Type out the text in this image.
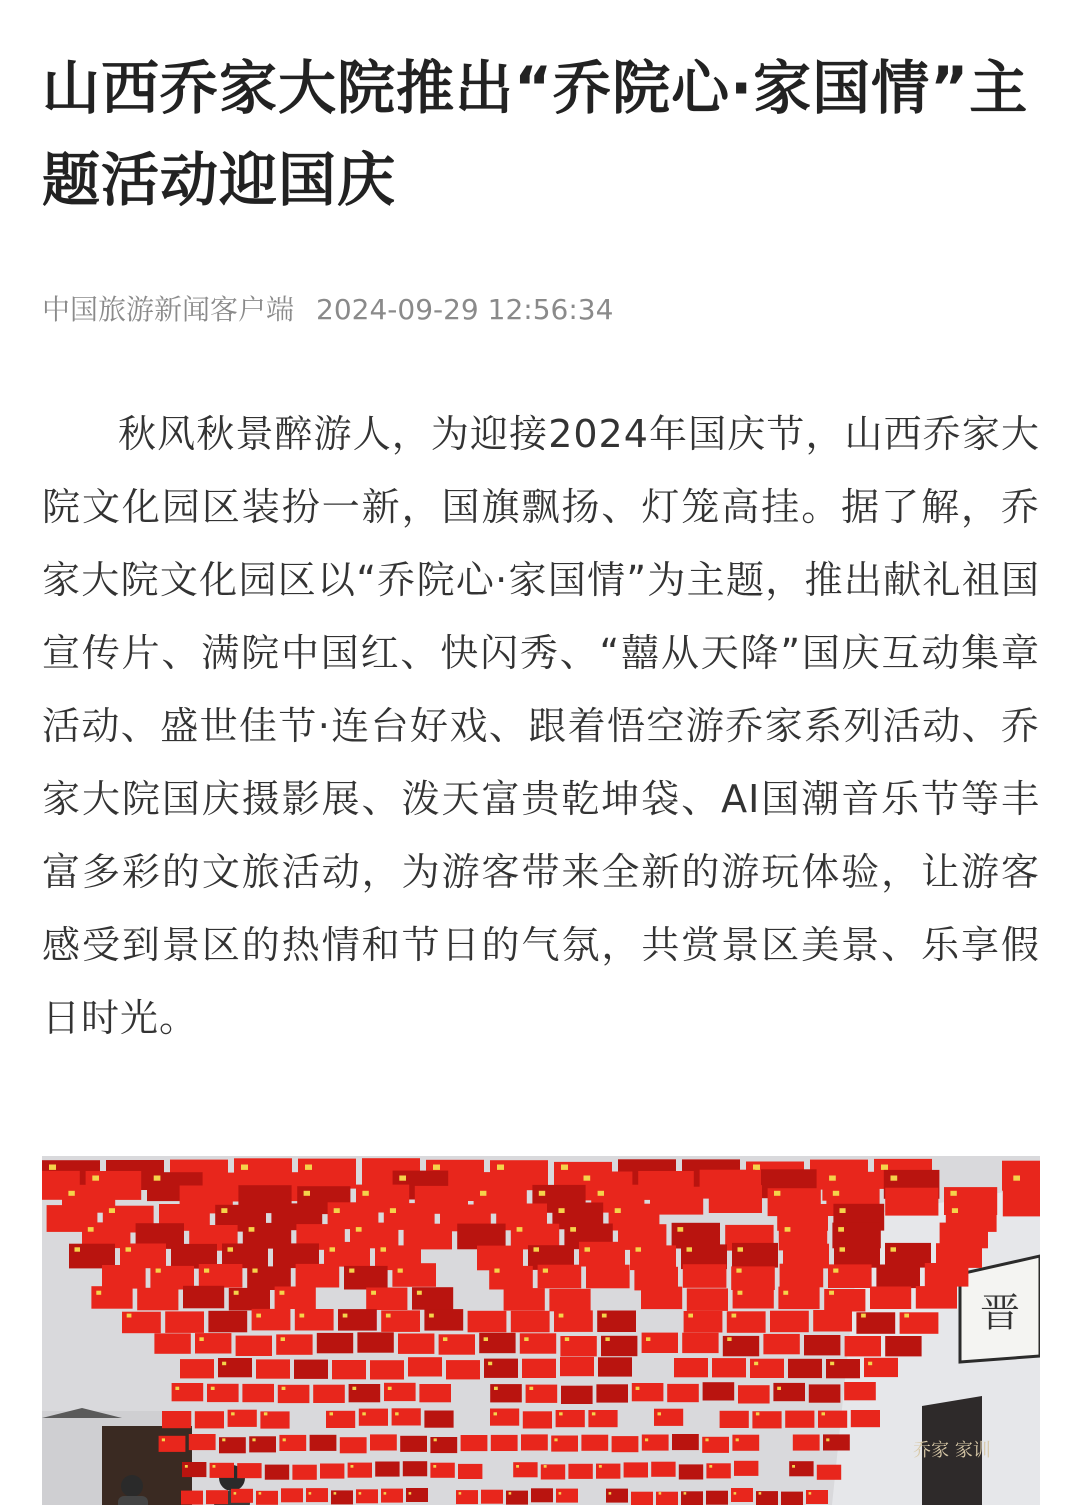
山西乔家大院推出“乔院心·家国情”主题活动迎国庆
中国旅游新闻客户端 2024-09-29 12:56:34

秋风秋景醉游人，为迎接2024年国庆节，山西乔家大院文化园区装扮一新，国旗飘扬、灯笼高挂。据了解，乔家大院文化园区以“乔院心·家国情”为主题，推出献礼祖国宣传片、满院中国红、快闪秀、“囍从天降”国庆互动集章活动、盛世佳节·连台好戏、跟着悟空游乔家系列活动、乔家大院国庆摄影展、泼天富贵乾坤袋、AI国潮音乐节等丰富多彩的文旅活动，为游客带来全新的游玩体验，让游客感受到景区的热情和节日的气氛，共赏景区美景、乐享假日时光。

晋
乔家 家训
